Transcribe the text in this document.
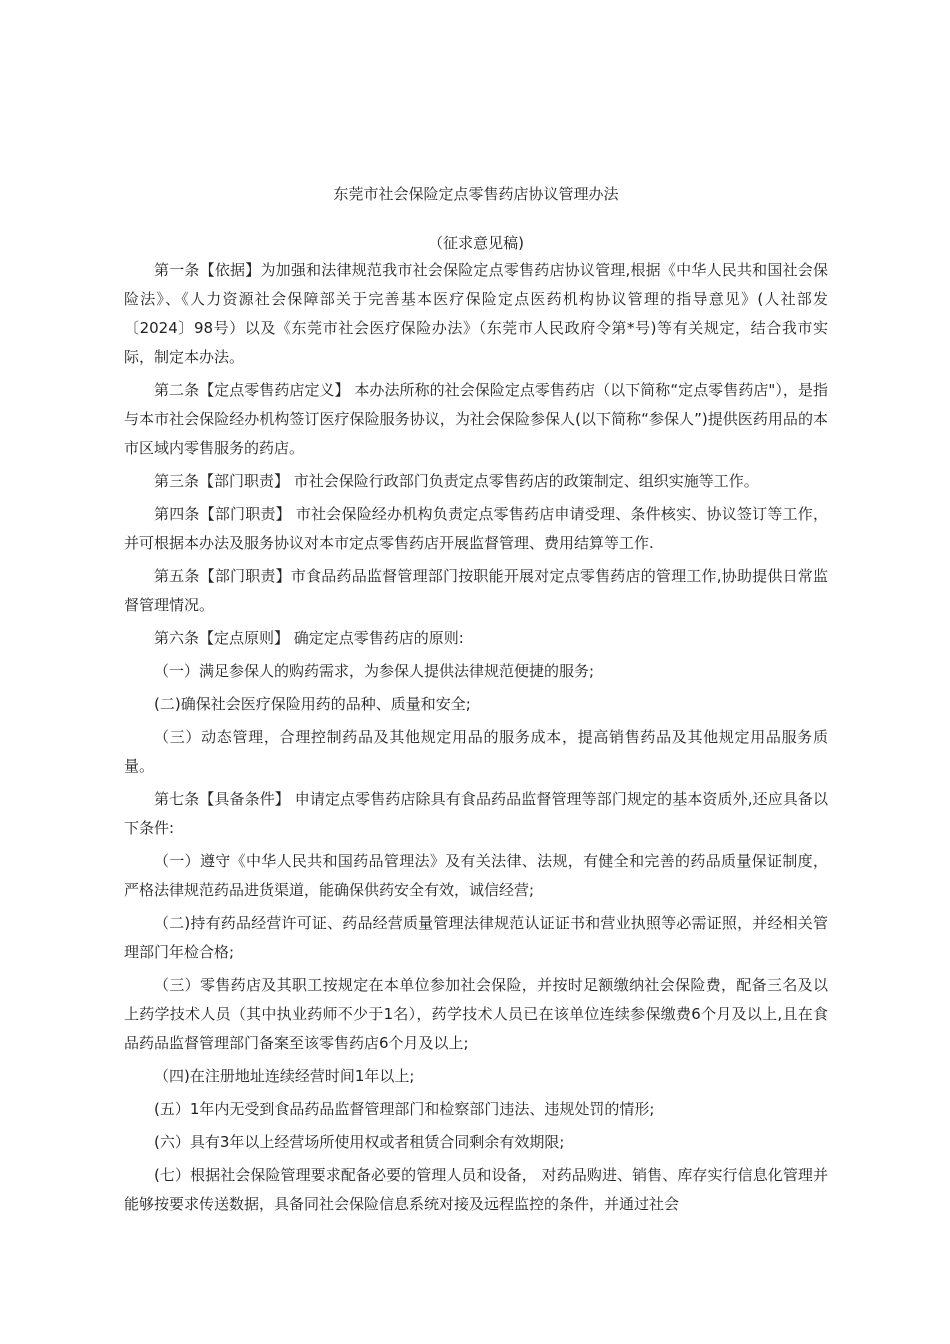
东莞市社会保险定点零售药店协议管理办法
（征求意见稿)

第一条【依据】为加强和法律规范我市社会保险定点零售药店协议管理,根据《中华人民共和国社会保险法》、《人力资源社会保障部关于完善基本医疗保险定点医药机构协议管理的指导意见》(人社部发〔2024〕98号）以及《东莞市社会医疗保险办法》（东莞市人民政府令第*号)等有关规定，结合我市实际，制定本办法。

第二条【定点零售药店定义】 本办法所称的社会保险定点零售药店（以下简称“定点零售药店"），是指与本市社会保险经办机构签订医疗保险服务协议，为社会保险参保人(以下简称“参保人”)提供医药用品的本市区域内零售服务的药店。

第三条【部门职责】 市社会保险行政部门负责定点零售药店的政策制定、组织实施等工作。

第四条【部门职责】 市社会保险经办机构负责定点零售药店申请受理、条件核实、协议签订等工作，并可根据本办法及服务协议对本市定点零售药店开展监督管理、费用结算等工作.

第五条【部门职责】市食品药品监督管理部门按职能开展对定点零售药店的管理工作,协助提供日常监督管理情况。

第六条【定点原则】 确定定点零售药店的原则:

（一）满足参保人的购药需求，为参保人提供法律规范便捷的服务;

(二)确保社会医疗保险用药的品种、质量和安全;

（三）动态管理，合理控制药品及其他规定用品的服务成本，提高销售药品及其他规定用品服务质量。

第七条【具备条件】 申请定点零售药店除具有食品药品监督管理等部门规定的基本资质外,还应具备以下条件:

（一）遵守《中华人民共和国药品管理法》及有关法律、法规，有健全和完善的药品质量保证制度，严格法律规范药品进货渠道，能确保供药安全有效，诚信经营;

（二)持有药品经营许可证、药品经营质量管理法律规范认证证书和营业执照等必需证照，并经相关管理部门年检合格;

（三）零售药店及其职工按规定在本单位参加社会保险，并按时足额缴纳社会保险费，配备三名及以上药学技术人员（其中执业药师不少于1名），药学技术人员已在该单位连续参保缴费6个月及以上,且在食品药品监督管理部门备案至该零售药店6个月及以上;

（四)在注册地址连续经营时间1年以上;

(五）1年内无受到食品药品监督管理部门和检察部门违法、违规处罚的情形;

(六）具有3年以上经营场所使用权或者租赁合同剩余有效期限;

(七）根据社会保险管理要求配备必要的管理人员和设备， 对药品购进、销售、库存实行信息化管理并能够按要求传送数据，具备同社会保险信息系统对接及远程监控的条件，并通过社会
